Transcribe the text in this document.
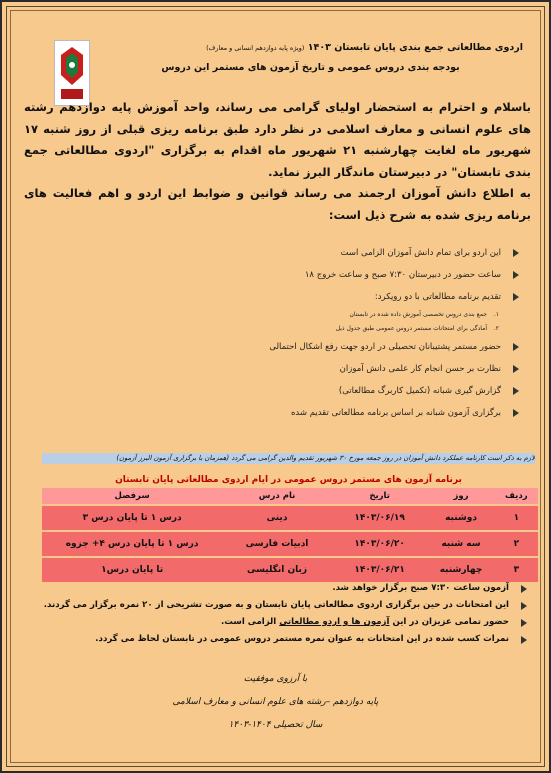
اردوی مطالعاتی جمع بندی پایان تابستان ۱۴۰۳ (ویژه پایه دوازدهم انسانی و معارف)
بودجه بندی دروس عمومی و تاریخ آزمون های مستمر این دروس

باسلام و احترام به استحضار اولیای گرامی می رساند، واحد آموزش پایه دوازدهم رشته های علوم انسانی و معارف اسلامی در نظر دارد طبق برنامه ریزی قبلی از روز شنبه ۱۷ شهریور ماه لغایت چهارشنبه ۲۱ شهریور ماه اقدام به برگزاری "اردوی مطالعاتی جمع بندی تابستان" در دبیرستان ماندگار البرز نماید.

به اطلاع دانش آموزان ارجمند می رساند قوانین و ضوابط این اردو و اهم فعالیت های برنامه ریزی شده به شرح ذیل است:

این اردو برای تمام دانش آموزان الزامی است
ساعت حضور در دبیرستان ۷:۳۰ صبح و ساعت خروج ۱۸
تقدیم برنامه مطالعاتی با دو رویکرد:
۱.
جمع بندی دروس تخصصی آموزش داده شده در تابستان
۲.
آمادگی برای امتحانات مستمر دروس عمومی طبق جدول ذیل
حضور مستمر پشتیبانان تحصیلی در اردو جهت رفع اشکال احتمالی
نظارت بر حسن انجام کار علمی دانش آموزان
گزارش گیری شبانه (تکمیل کاربرگ مطالعاتی)
برگزاری آزمون شبانه بر اساس برنامه مطالعاتی تقدیم شده
لازم به ذکر است کارنامه عملکرد دانش آموزان در روز جمعه مورخ ۳۰ شهریور تقدیم والدین گرامی می گردد (همزمان با برگزاری آزمون البرز آزمون)
برنامه آزمون های مستمر دروس عمومی در ایام اردوی مطالعاتی پایان تابستان
ردیف	روز	تاریخ	نام درس	سرفصل
۱	دوشنبه	۱۴۰۳/۰۶/۱۹	دینی	درس ۱ تا پایان درس ۳
۲	سه شنبه	۱۴۰۳/۰۶/۲۰	ادبیات فارسی	درس ۱ تا پایان درس ۴+ جزوه
۳	چهارشنبه	۱۴۰۳/۰۶/۲۱	زبان انگلیسی	تا پایان درس۱
آزمون ساعت ۷:۳۰ صبح برگزار خواهد شد.
این امتحانات در حین برگزاری اردوی مطالعاتی پایان تابستان و به صورت تشریحی از ۲۰ نمره برگزار می گردند.
حضور تمامی عزیزان در این آزمون ها و اردو مطالعاتی الزامی است.
نمرات کسب شده در این امتحانات به عنوان نمره مستمر دروس عمومی در تابستان لحاظ می گردد.
با آرزوی موفقیت
پایه دوازدهم –رشته های علوم انسانی و معارف اسلامی
سال تحصیلی ۱۴۰۴-۱۴۰۳
